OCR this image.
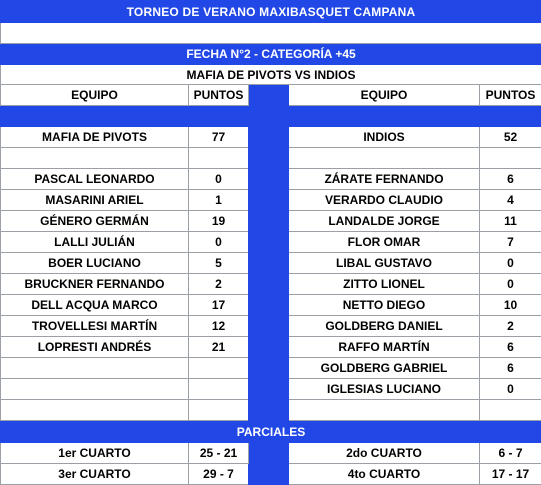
TORNEO DE VERANO MAXIBASQUET CAMPANA				

FECHA N°2 - CATEGORÍA +45				
MAFIA DE PIVOTS VS INDIOS				
EQUIPO	PUNTOS		EQUIPO	PUNTOS

MAFIA DE PIVOTS	77		INDIOS	52

PASCAL LEONARDO	0		ZÁRATE FERNANDO	6
MASARINI ARIEL	1		VERARDO CLAUDIO	4
GÉNERO GERMÁN	19		LANDALDE JORGE	11
LALLI JULIÁN	0		FLOR OMAR	7
BOER LUCIANO	5		LIBAL GUSTAVO	0
BRUCKNER FERNANDO	2		ZITTO LIONEL	0
DELL ACQUA MARCO	17		NETTO DIEGO	10
TROVELLESI MARTÍN	12		GOLDBERG DANIEL	2
LOPRESTI ANDRÉS	21		RAFFO MARTÍN	6
			GOLDBERG GABRIEL	6
			IGLESIAS LUCIANO	0

PARCIALES				
1er CUARTO	25 - 21		2do CUARTO	6 - 7
3er CUARTO	29 - 7		4to CUARTO	17 - 17
